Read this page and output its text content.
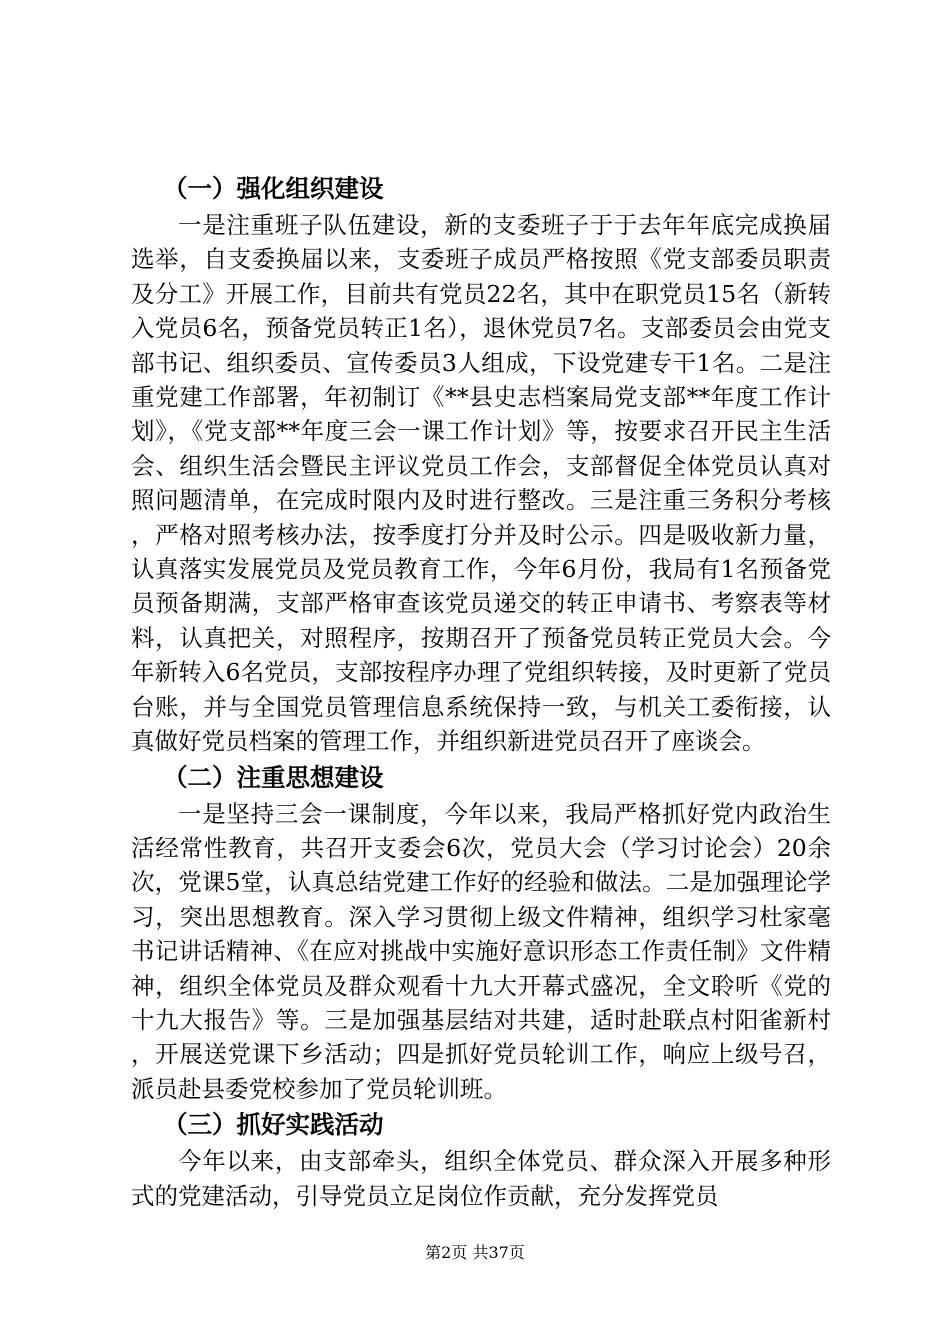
（一）强化组织建设

一是注重班子队伍建设，新的支委班子于于去年年底完成换届选举，自支委换届以来，支委班子成员严格按照《党支部委员职责及分工》开展工作，目前共有党员22名，其中在职党员15名（新转入党员6名，预备党员转正1名），退休党员7名。支部委员会由党支部书记、组织委员、宣传委员3人组成，下设党建专干1名。二是注重党建工作部署，年初制订《**县史志档案局党支部**年度工作计划》，《党支部**年度三会一课工作计划》等，按要求召开民主生活会、组织生活会暨民主评议党员工作会，支部督促全体党员认真对照问题清单，在完成时限内及时进行整改。三是注重三务积分考核，严格对照考核办法，按季度打分并及时公示。四是吸收新力量，认真落实发展党员及党员教育工作，今年6月份，我局有1名预备党员预备期满，支部严格审查该党员递交的转正申请书、考察表等材料，认真把关，对照程序，按期召开了预备党员转正党员大会。今年新转入6名党员，支部按程序办理了党组织转接，及时更新了党员台账，并与全国党员管理信息系统保持一致，与机关工委衔接，认真做好党员档案的管理工作，并组织新进党员召开了座谈会。

（二）注重思想建设

一是坚持三会一课制度，今年以来，我局严格抓好党内政治生活经常性教育，共召开支委会6次，党员大会（学习讨论会）20余次，党课5堂，认真总结党建工作好的经验和做法。二是加强理论学习，突出思想教育。深入学习贯彻上级文件精神，组织学习杜家毫书记讲话精神、《在应对挑战中实施好意识形态工作责任制》文件精神，组织全体党员及群众观看十九大开幕式盛况，全文聆听《党的十九大报告》等。三是加强基层结对共建，适时赴联点村阳雀新村，开展送党课下乡活动；四是抓好党员轮训工作，响应上级号召，派员赴县委党校参加了党员轮训班。

（三）抓好实践活动

今年以来，由支部牵头，组织全体党员、群众深入开展多种形式的党建活动，引导党员立足岗位作贡献，充分发挥党员

第2页 共37页
